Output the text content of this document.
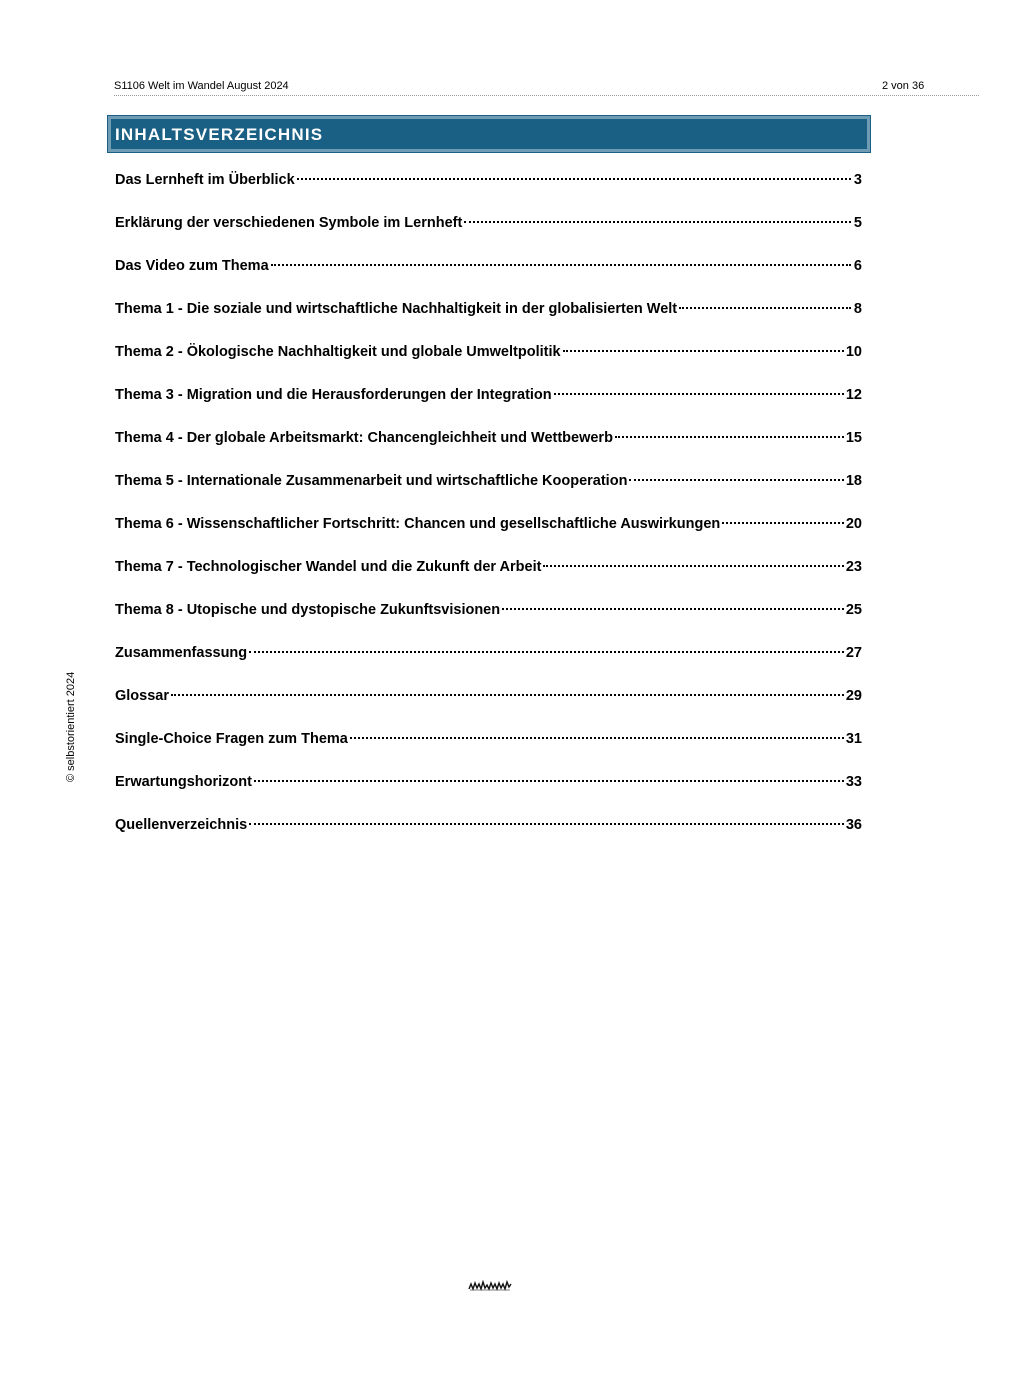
S1106 Welt im Wandel August 2024	2 von 36
INHALTSVERZEICHNIS
Das Lernheft im Überblick	3
Erklärung der verschiedenen Symbole im Lernheft	5
Das Video zum Thema	6
Thema 1 - Die soziale und wirtschaftliche Nachhaltigkeit in der globalisierten Welt	8
Thema 2 - Ökologische Nachhaltigkeit und globale Umweltpolitik	10
Thema 3 - Migration und die Herausforderungen der Integration	12
Thema 4 - Der globale Arbeitsmarkt: Chancengleichheit und Wettbewerb	15
Thema 5 - Internationale Zusammenarbeit und wirtschaftliche Kooperation	18
Thema 6 - Wissenschaftlicher Fortschritt: Chancen und gesellschaftliche Auswirkungen	20
Thema 7 - Technologischer Wandel und die Zukunft der Arbeit	23
Thema 8 - Utopische und dystopische Zukunftsvisionen	25
Zusammenfassung	27
Glossar	29
Single-Choice Fragen zum Thema	31
Erwartungshorizont	33
Quellenverzeichnis	36
© selbstorientiert 2024
